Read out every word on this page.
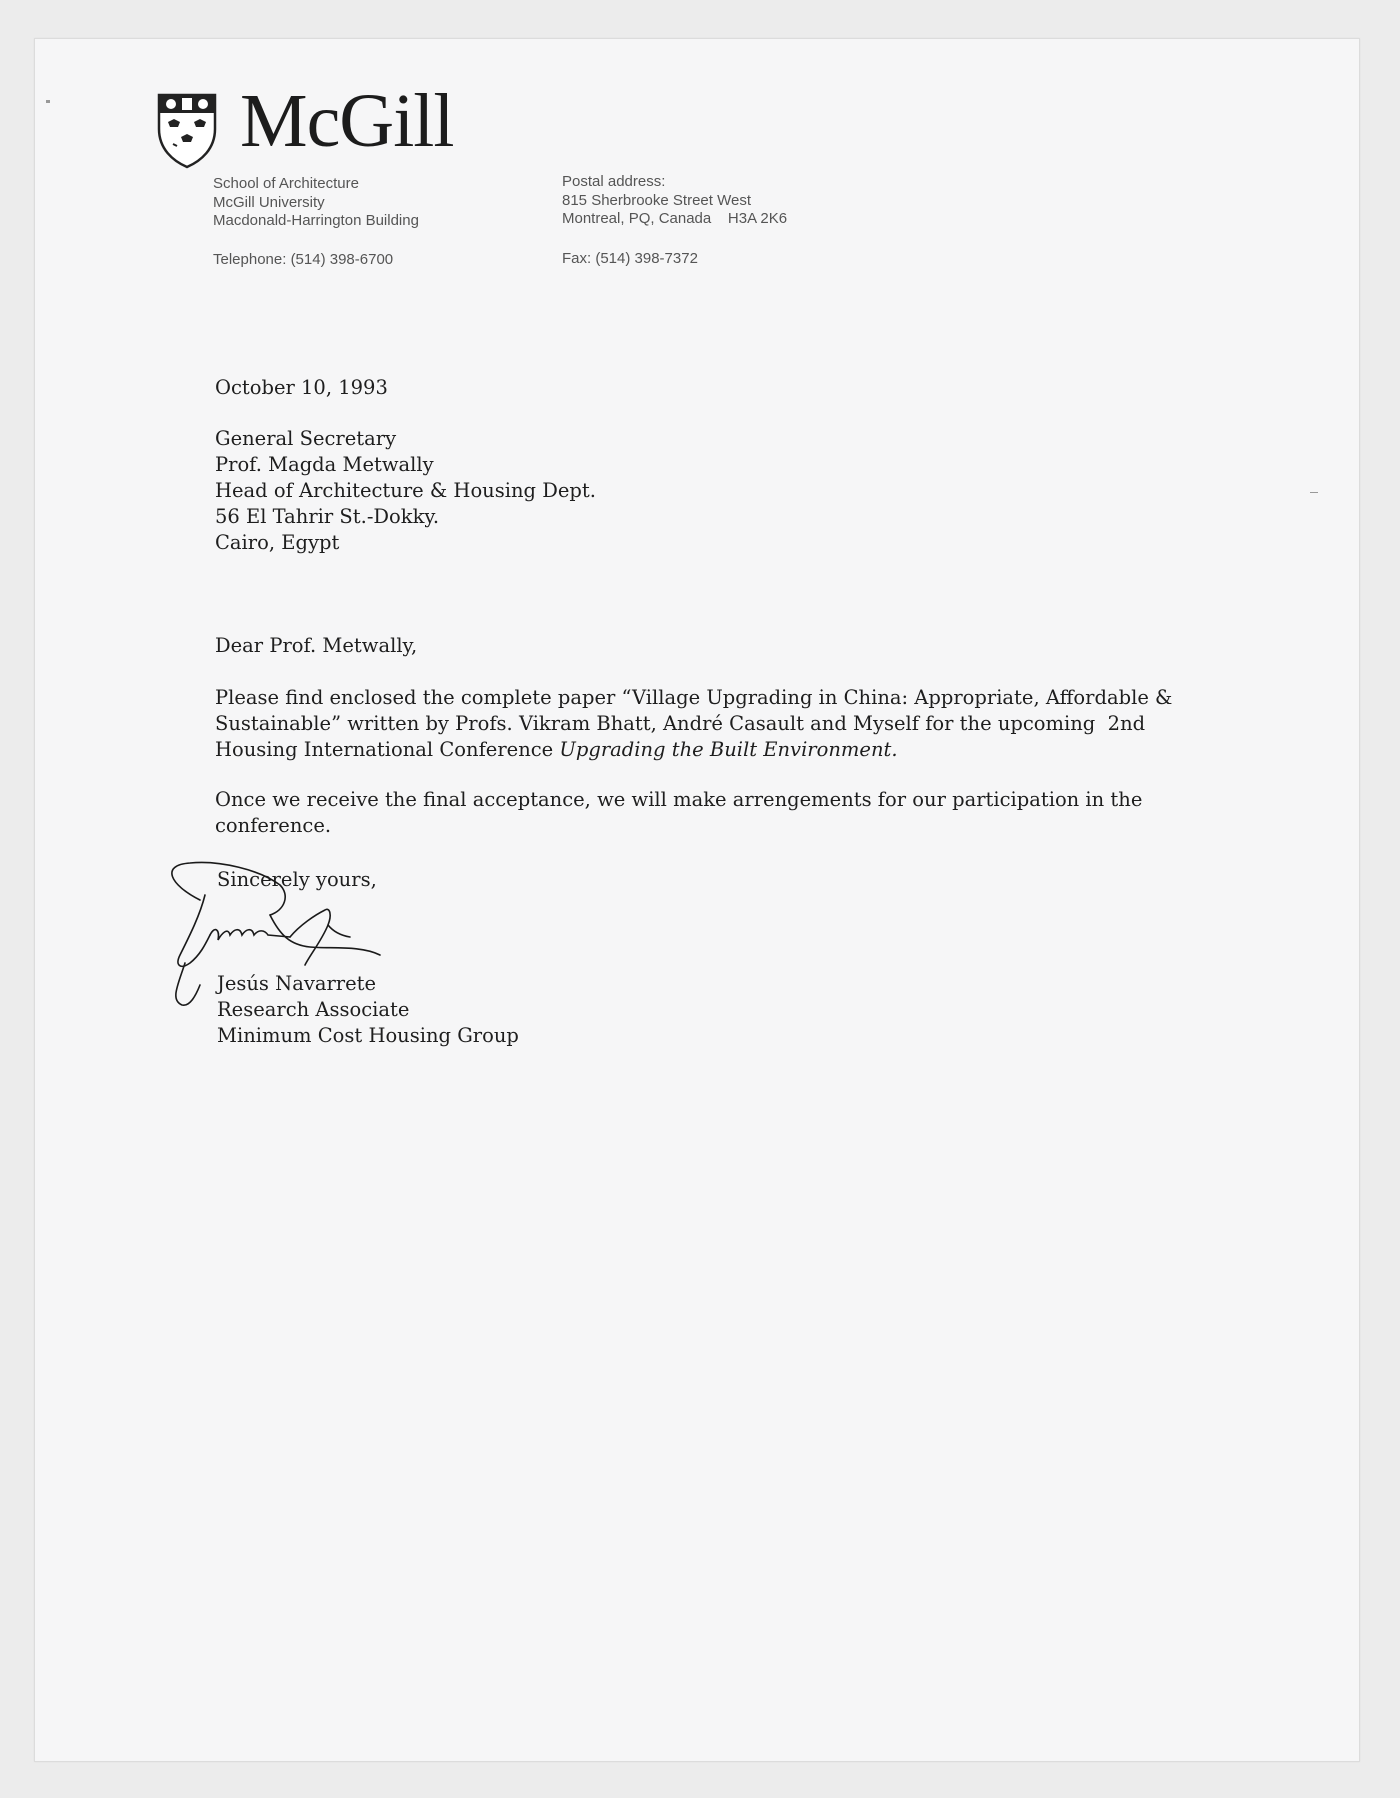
McGill
School of Architecture
McGill University
Macdonald-Harrington Building
Telephone: (514) 398-6700
Postal address:
815 Sherbrooke Street West
Montreal, PQ, Canada    H3A 2K6
Fax: (514) 398-7372
October 10, 1993
General Secretary
Prof. Magda Metwally
Head of Architecture & Housing Dept.
56 El Tahrir St.-Dokky.
Cairo, Egypt
Dear Prof. Metwally,
Please find enclosed the complete paper “Village Upgrading in China: Appropriate, Affordable &
Sustainable” written by Profs. Vikram Bhatt, André Casault and Myself for the upcoming  2nd
Housing International Conference Upgrading the Built Environment.
Once we receive the final acceptance, we will make arrengements for our participation in the
conference.
Sincerely yours,
Jesús Navarrete
Research Associate
Minimum Cost Housing Group
